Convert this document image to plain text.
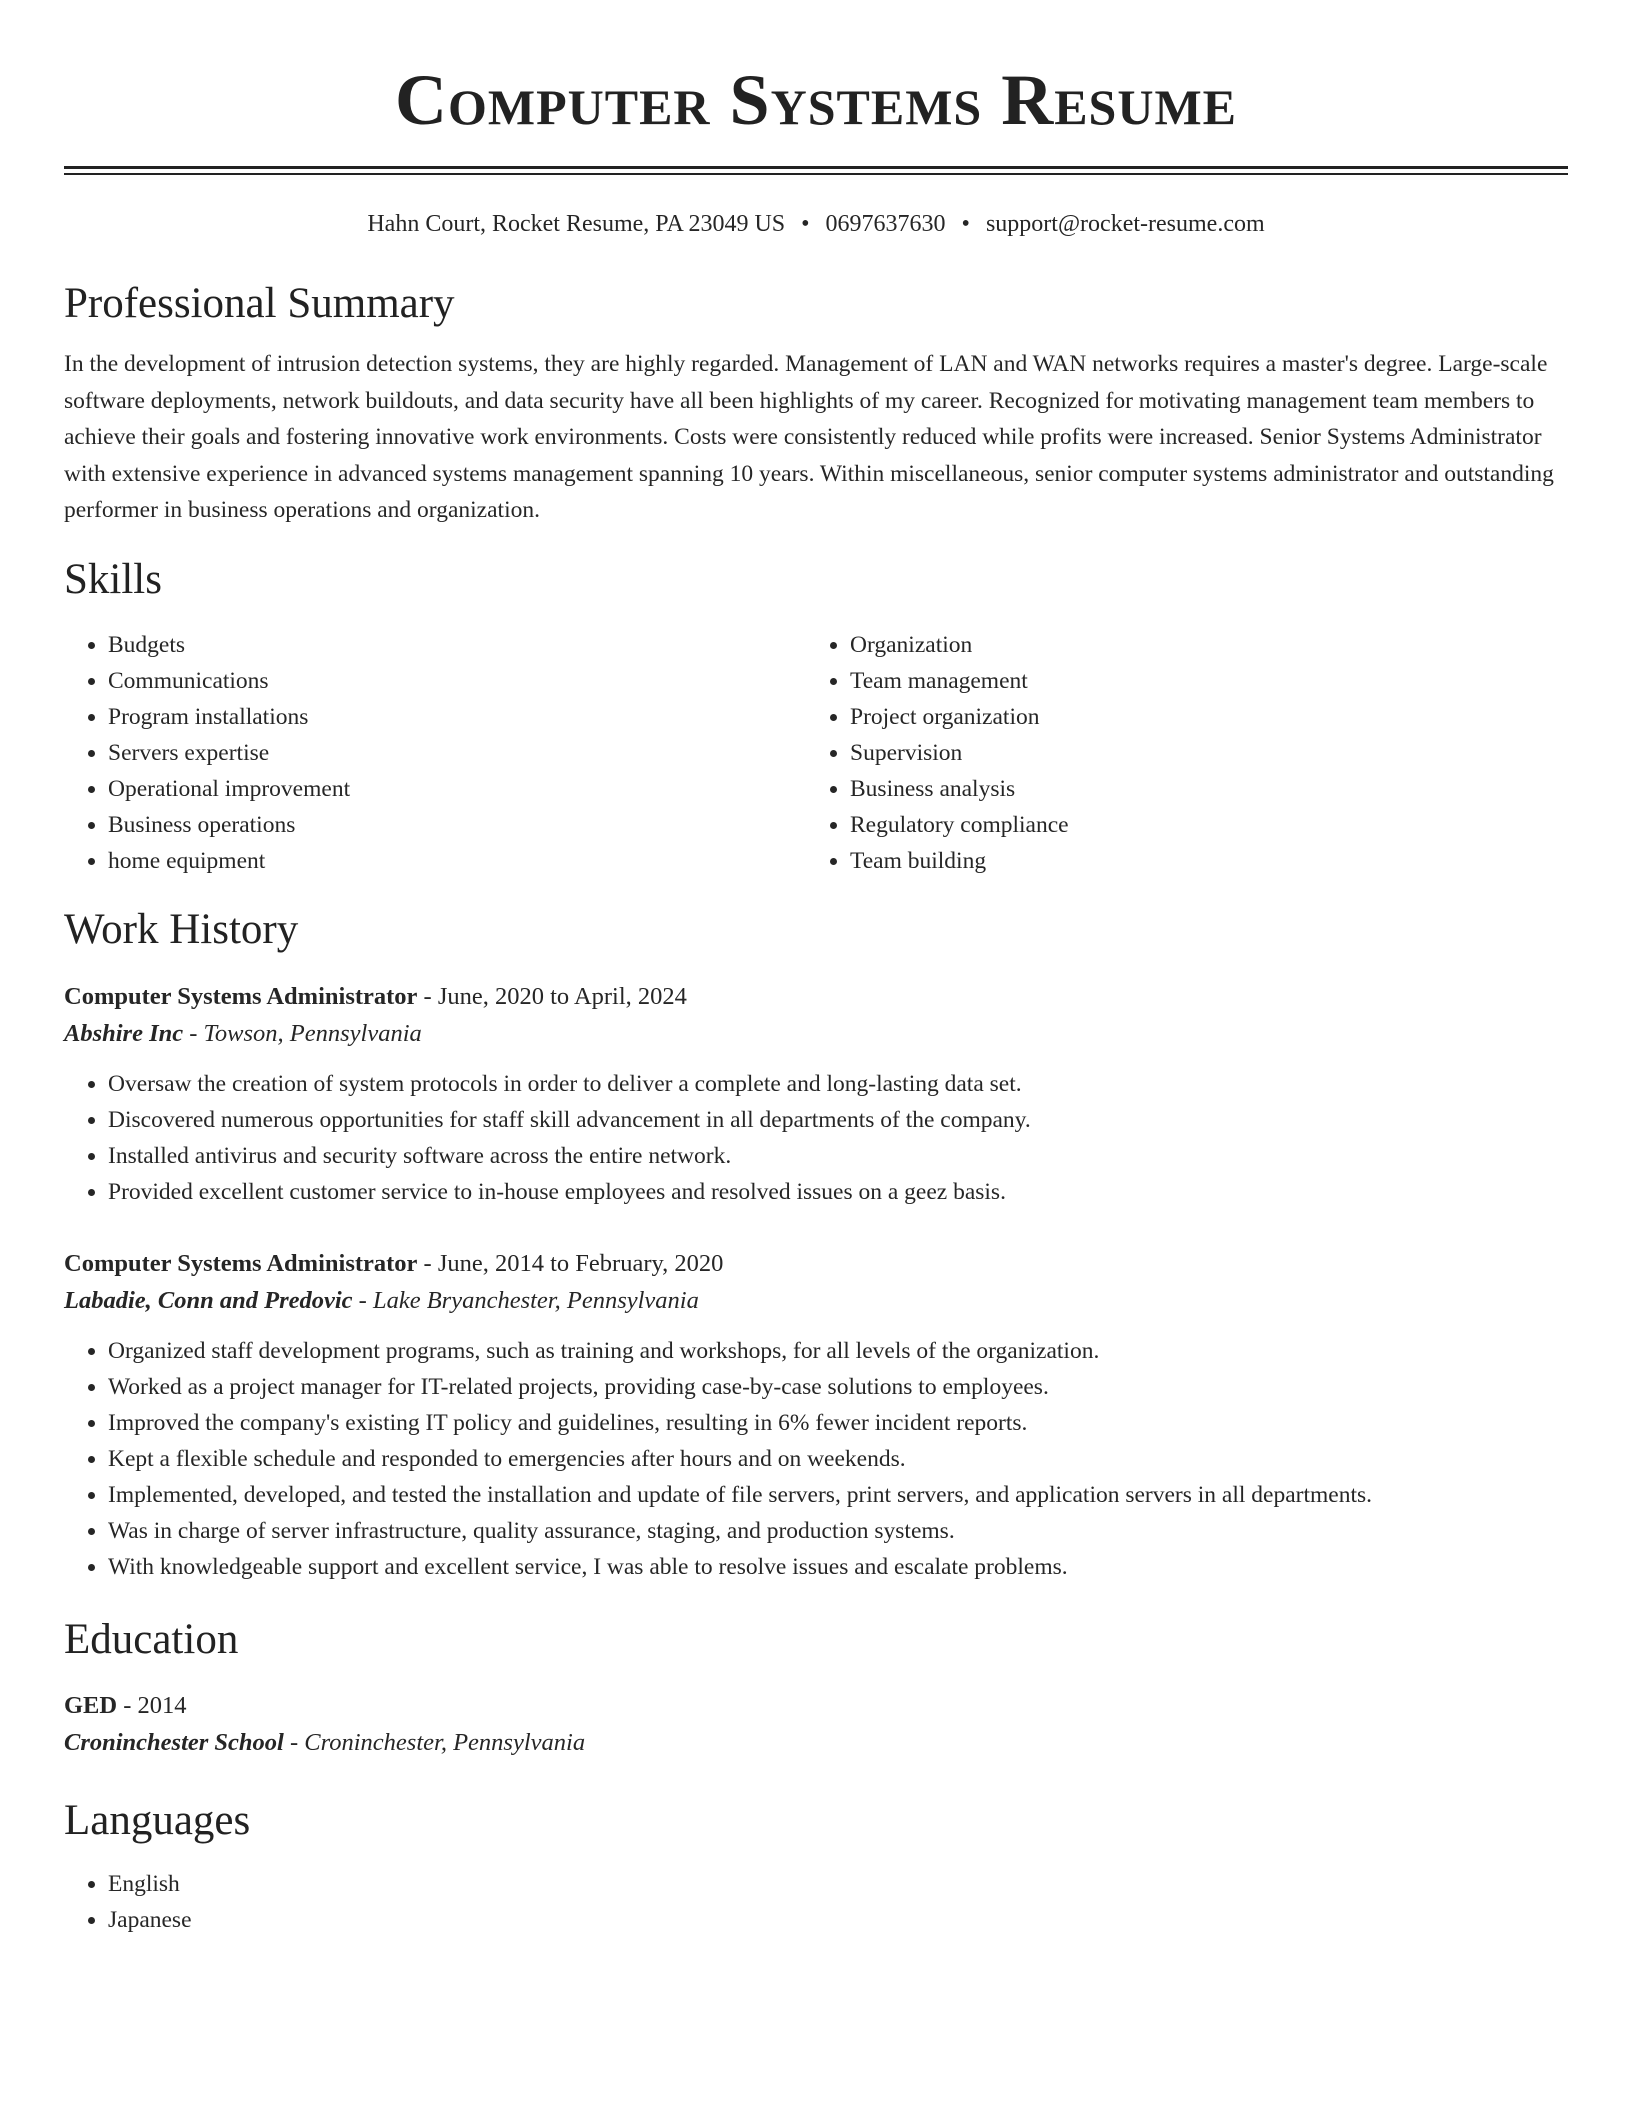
Computer Systems Resume
Hahn Court, Rocket Resume, PA 23049 US • 0697637630 • support@rocket-resume.com
Professional Summary

In the development of intrusion detection systems, they are highly regarded. Management of LAN and WAN networks requires a master's degree. Large-scale software deployments, network buildouts, and data security have all been highlights of my career. Recognized for motivating management team members to achieve their goals and fostering innovative work environments. Costs were consistently reduced while profits were increased. Senior Systems Administrator with extensive experience in advanced systems management spanning 10 years. Within miscellaneous, senior computer systems administrator and outstanding performer in business operations and organization.

Skills
• Budgets
• Communications
• Program installations
• Servers expertise
• Operational improvement
• Business operations
• home equipment
• Organization
• Team management
• Project organization
• Supervision
• Business analysis
• Regulatory compliance
• Team building
Work History
Computer Systems Administrator - June, 2020 to April, 2024
Abshire Inc - Towson, Pennsylvania
• Oversaw the creation of system protocols in order to deliver a complete and long-lasting data set.
• Discovered numerous opportunities for staff skill advancement in all departments of the company.
• Installed antivirus and security software across the entire network.
• Provided excellent customer service to in-house employees and resolved issues on a geez basis.
Computer Systems Administrator - June, 2014 to February, 2020
Labadie, Conn and Predovic - Lake Bryanchester, Pennsylvania
• Organized staff development programs, such as training and workshops, for all levels of the organization.
• Worked as a project manager for IT-related projects, providing case-by-case solutions to employees.
• Improved the company's existing IT policy and guidelines, resulting in 6% fewer incident reports.
• Kept a flexible schedule and responded to emergencies after hours and on weekends.
• Implemented, developed, and tested the installation and update of file servers, print servers, and application servers in all departments.
• Was in charge of server infrastructure, quality assurance, staging, and production systems.
• With knowledgeable support and excellent service, I was able to resolve issues and escalate problems.
Education
GED - 2014
Croninchester School - Croninchester, Pennsylvania
Languages
• English
• Japanese
